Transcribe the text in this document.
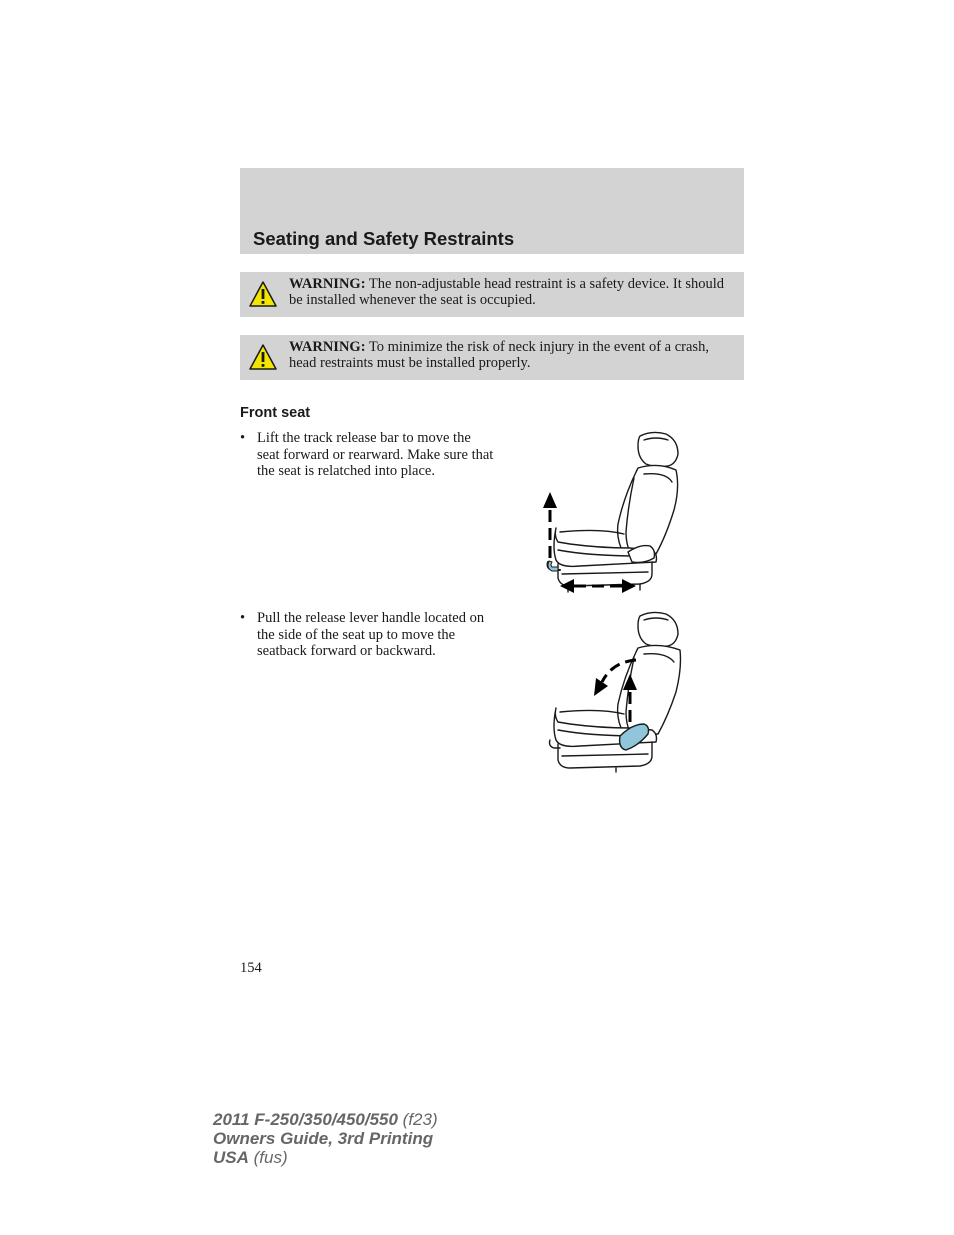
Seating and Safety Restraints
WARNING: The non-adjustable head restraint is a safety device. It should be installed whenever the seat is occupied.
WARNING: To minimize the risk of neck injury in the event of a crash, head restraints must be installed properly.
Front seat
• Lift the track release bar to move the seat forward or rearward. Make sure that the seat is relatched into place.
• Pull the release lever handle located on the side of the seat up to move the seatback forward or backward.
154
2011 F-250/350/450/550 (f23)
Owners Guide, 3rd Printing
USA (fus)
